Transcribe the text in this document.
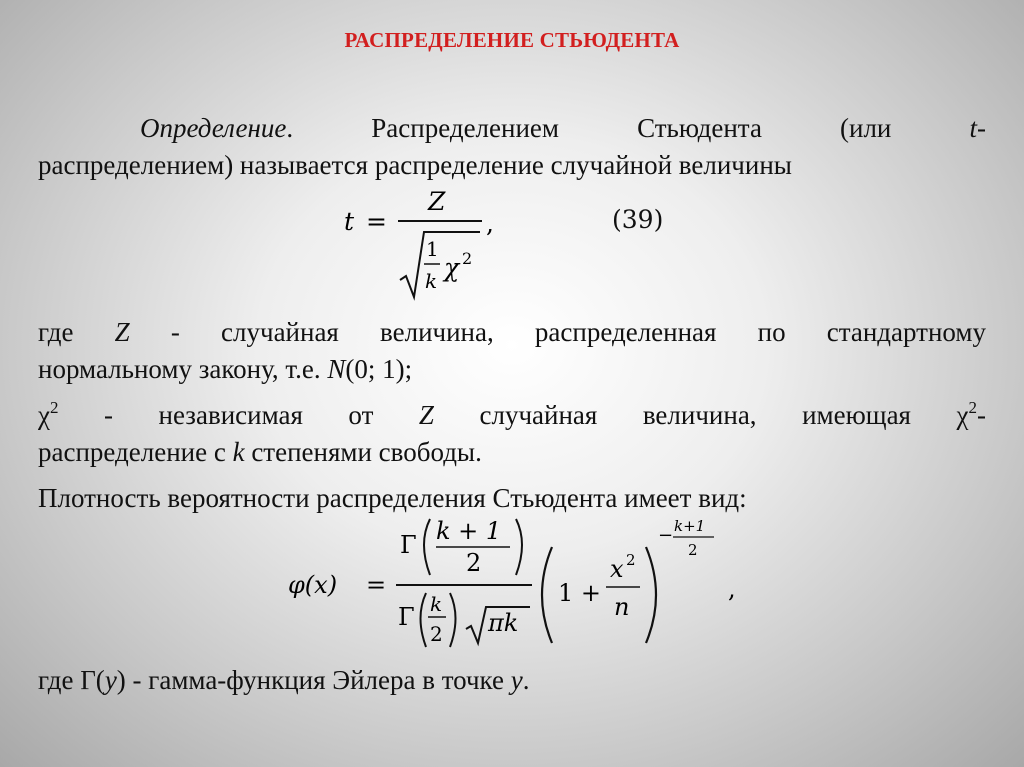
РАСПРЕДЕЛЕНИЕ СТЬЮДЕНТА
Определение. Распределением Стьюдента (или t-
распределением) называется распределение случайной величины
t =
Z
1
k χ 2
,	(39)
где Z - случайная величина, распределенная по стандартному
нормальному закону, т.е. N(0; 1);
$\chi^2$ - независимая от Z случайная величина, имеющая $\chi^2-$
распределение с k степенями свободы.
Плотность вероятности распределения Стьюдента имеет вид:
φ(x) =
Γ k + 1
2
Γ k
2 πk
1 +
x 2
n
− k+1
2
,
где Γ(y) - гамма-функция Эйлера в точке y.
